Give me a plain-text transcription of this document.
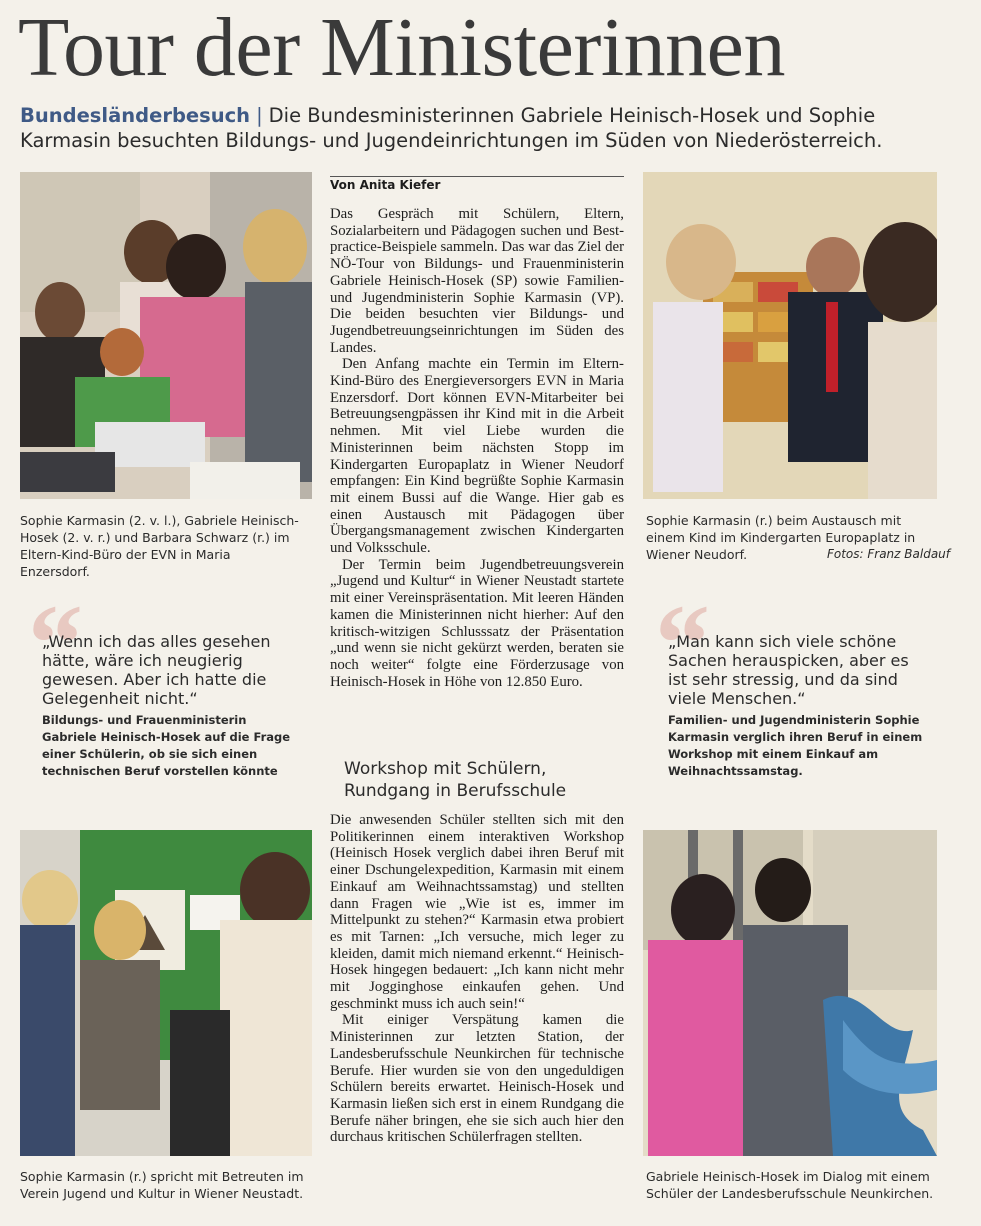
Tour der Ministerinnen
Bundesländerbesuch | Die Bundesministerinnen Gabriele Heinisch-Hosek und Sophie Karmasin besuchten Bildungs- und Jugendeinrichtungen im Süden von Niederösterreich.
Sophie Karmasin (2. v. l.), Gabriele Heinisch-Hosek (2. v. r.) und Barbara Schwarz (r.) im Eltern-Kind-Büro der EVN in Maria Enzersdorf.
Sophie Karmasin (r.) beim Austausch mit einem Kind im Kindergarten Europaplatz in Wiener Neudorf.	Fotos: Franz Baldauf
“
„Wenn ich das alles gesehen hätte, wäre ich neugierig gewesen. Aber ich hatte die Gelegenheit nicht.“
Bildungs- und Frauenministerin Gabriele Heinisch-Hosek auf die Frage einer Schülerin, ob sie sich einen technischen Beruf vorstellen könnte
“
„Man kann sich viele schöne Sachen herauspicken, aber es ist sehr stressig, und da sind viele Menschen.“
Familien- und Jugendministerin Sophie Karmasin verglich ihren Beruf in einem Workshop mit einem Einkauf am Weihnachtssamstag.
Von Anita Kiefer

Das Gespräch mit Schülern, Eltern, Sozialarbeitern und Pädagogen suchen und Best-practice-Beispiele sammeln. Das war das Ziel der NÖ-Tour von Bildungs- und Frauenministerin Gabriele Heinisch-Hosek (SP) sowie Familien- und Jugendministerin Sophie Karmasin (VP). Die beiden besuchten vier Bildungs- und Jugendbetreuungseinrichtungen im Süden des Landes.

Den Anfang machte ein Termin im Eltern-Kind-Büro des Energieversorgers EVN in Maria Enzersdorf. Dort können EVN-Mitarbeiter bei Betreuungsengpässen ihr Kind mit in die Arbeit nehmen. Mit viel Liebe wurden die Ministerinnen beim nächsten Stopp im Kindergarten Europaplatz in Wiener Neudorf empfangen: Ein Kind begrüßte Sophie Karmasin mit einem Bussi auf die Wange. Hier gab es einen Austausch mit Pädagogen über Übergangsmanagement zwischen Kindergarten und Volksschule.

Der Termin beim Jugendbetreuungsverein „Jugend und Kultur“ in Wiener Neustadt startete mit einer Vereinspräsentation. Mit leeren Händen kamen die Ministerinnen nicht hierher: Auf den kritisch-witzigen Schlusssatz der Präsentation „und wenn sie nicht gekürzt werden, beraten sie noch weiter“ folgte eine Förderzusage von Heinisch-Hosek in Höhe von 12.850 Euro.

Workshop mit Schülern,
Rundgang in Berufsschule

Die anwesenden Schüler stellten sich mit den Politikerinnen einem interaktiven Workshop (Heinisch Hosek verglich dabei ihren Beruf mit einer Dschungelexpedition, Karmasin mit einem Einkauf am Weihnachtssamstag) und stellten dann Fragen wie „Wie ist es, immer im Mittelpunkt zu stehen?“ Karmasin etwa probiert es mit Tarnen: „Ich versuche, mich leger zu kleiden, damit mich niemand erkennt.“ Heinisch-Hosek hingegen bedauert: „Ich kann nicht mehr mit Jogginghose einkaufen gehen. Und geschminkt muss ich auch sein!“

Mit einiger Verspätung kamen die Ministerinnen zur letzten Station, der Landesberufsschule Neunkirchen für technische Berufe. Hier wurden sie von den ungeduldigen Schülern bereits erwartet. Heinisch-Hosek und Karmasin ließen sich erst in einem Rundgang die Berufe näher bringen, ehe sie sich auch hier den durchaus kritischen Schülerfragen stellten.

Sophie Karmasin (r.) spricht mit Betreuten im Verein Jugend und Kultur in Wiener Neustadt.
Gabriele Heinisch-Hosek im Dialog mit einem Schüler der Landesberufsschule Neunkirchen.
